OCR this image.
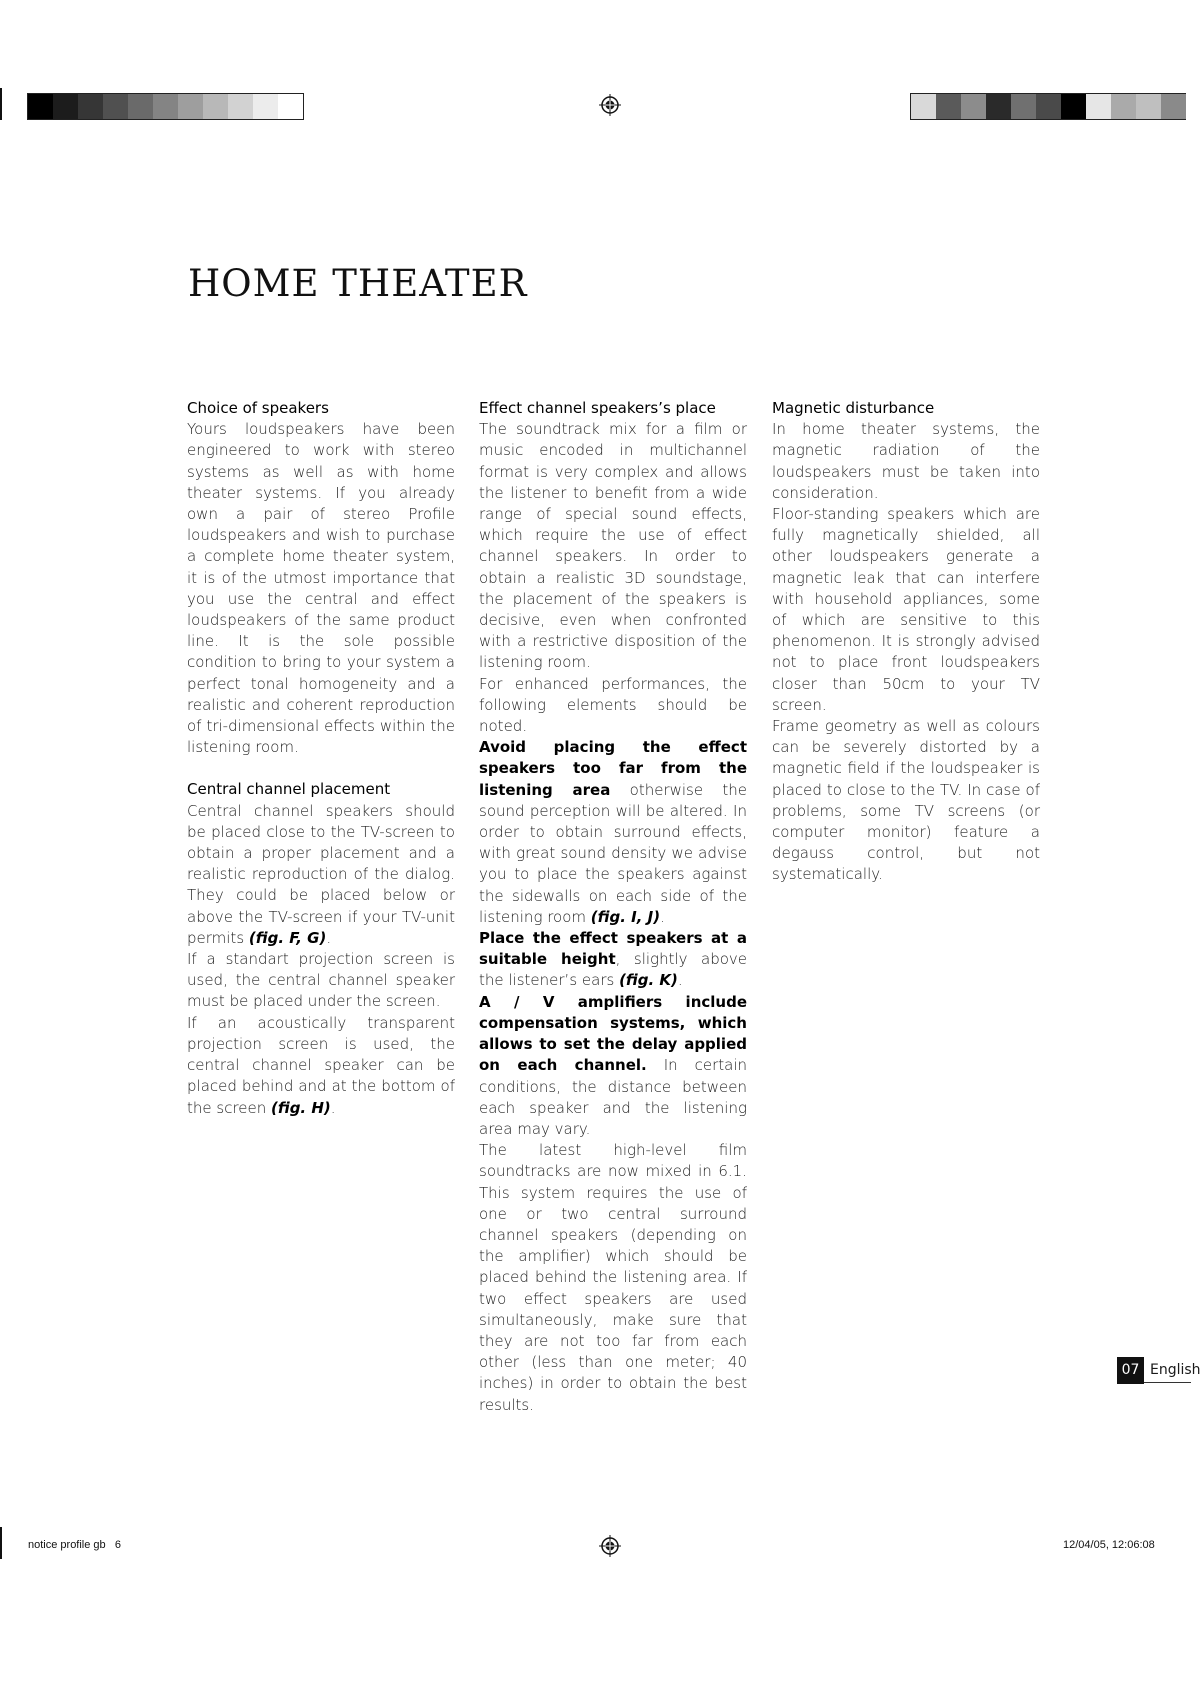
HOME THEATER

Choice of speakers

Yours loudspeakers have been engineered to work with stereo systems as well as with home theater systems. If you already own a pair of stereo Profile loudspeakers and wish to purchase a complete home theater system, it is of the utmost importance that you use the central and effect loudspeakers of the same product line. It is the sole possible condition to bring to your system a perfect tonal homogeneity and a realistic and coherent reproduction of tri-dimensional effects within the listening room.

Central channel placement

Central channel speakers should be placed close to the TV-screen to obtain a proper placement and a realistic reproduction of the dialog. They could be placed below or above the TV-screen if your TV-unit permits (fig. F, G).

If a standart projection screen is used, the central channel speaker must be placed under the screen.

If an acoustically transparent projection screen is used, the central channel speaker can be placed behind and at the bottom of the screen (fig. H).

Effect channel speakers’s place

The soundtrack mix for a film or music encoded in multichannel format is very complex and allows the listener to benefit from a wide range of special sound effects, which require the use of effect channel speakers. In order to obtain a realistic 3D soundstage, the placement of the speakers is decisive, even when confronted with a restrictive disposition of the listening room.

For enhanced performances, the following elements should be noted.

Avoid placing the effect speakers too far from the listening area otherwise the sound perception will be altered. In order to obtain surround effects, with great sound density we advise you to place the speakers against the sidewalls on each side of the listening room (fig. I, J).

Place the effect speakers at a suitable height, slightly above the listener’s ears (fig. K).

A / V amplifiers include compensation systems, which allows to set the delay applied on each channel. In certain conditions, the distance between each speaker and the listening area may vary.

The latest high-level film soundtracks are now mixed in 6.1. This system requires the use of one or two central surround channel speakers (depending on the amplifier) which should be placed behind the listening area. If two effect speakers are used simultaneously, make sure that they are not too far from each other (less than one meter; 40 inches) in order to obtain the best results.

Magnetic disturbance

In home theater systems, the magnetic radiation of the loudspeakers must be taken into consideration.

Floor-standing speakers which are fully magnetically shielded, all other loudspeakers generate a magnetic leak that can interfere with household appliances, some of which are sensitive to this phenomenon. It is strongly advised not to place front loudspeakers closer than 50cm to your TV screen.

Frame geometry as well as colours can be severely distorted by a magnetic field if the loudspeaker is placed to close to the TV. In case of problems, some TV screens (or computer monitor) feature a degauss control, but not systematically.

07 English
notice profile gb   6	12/04/05, 12:06:08
